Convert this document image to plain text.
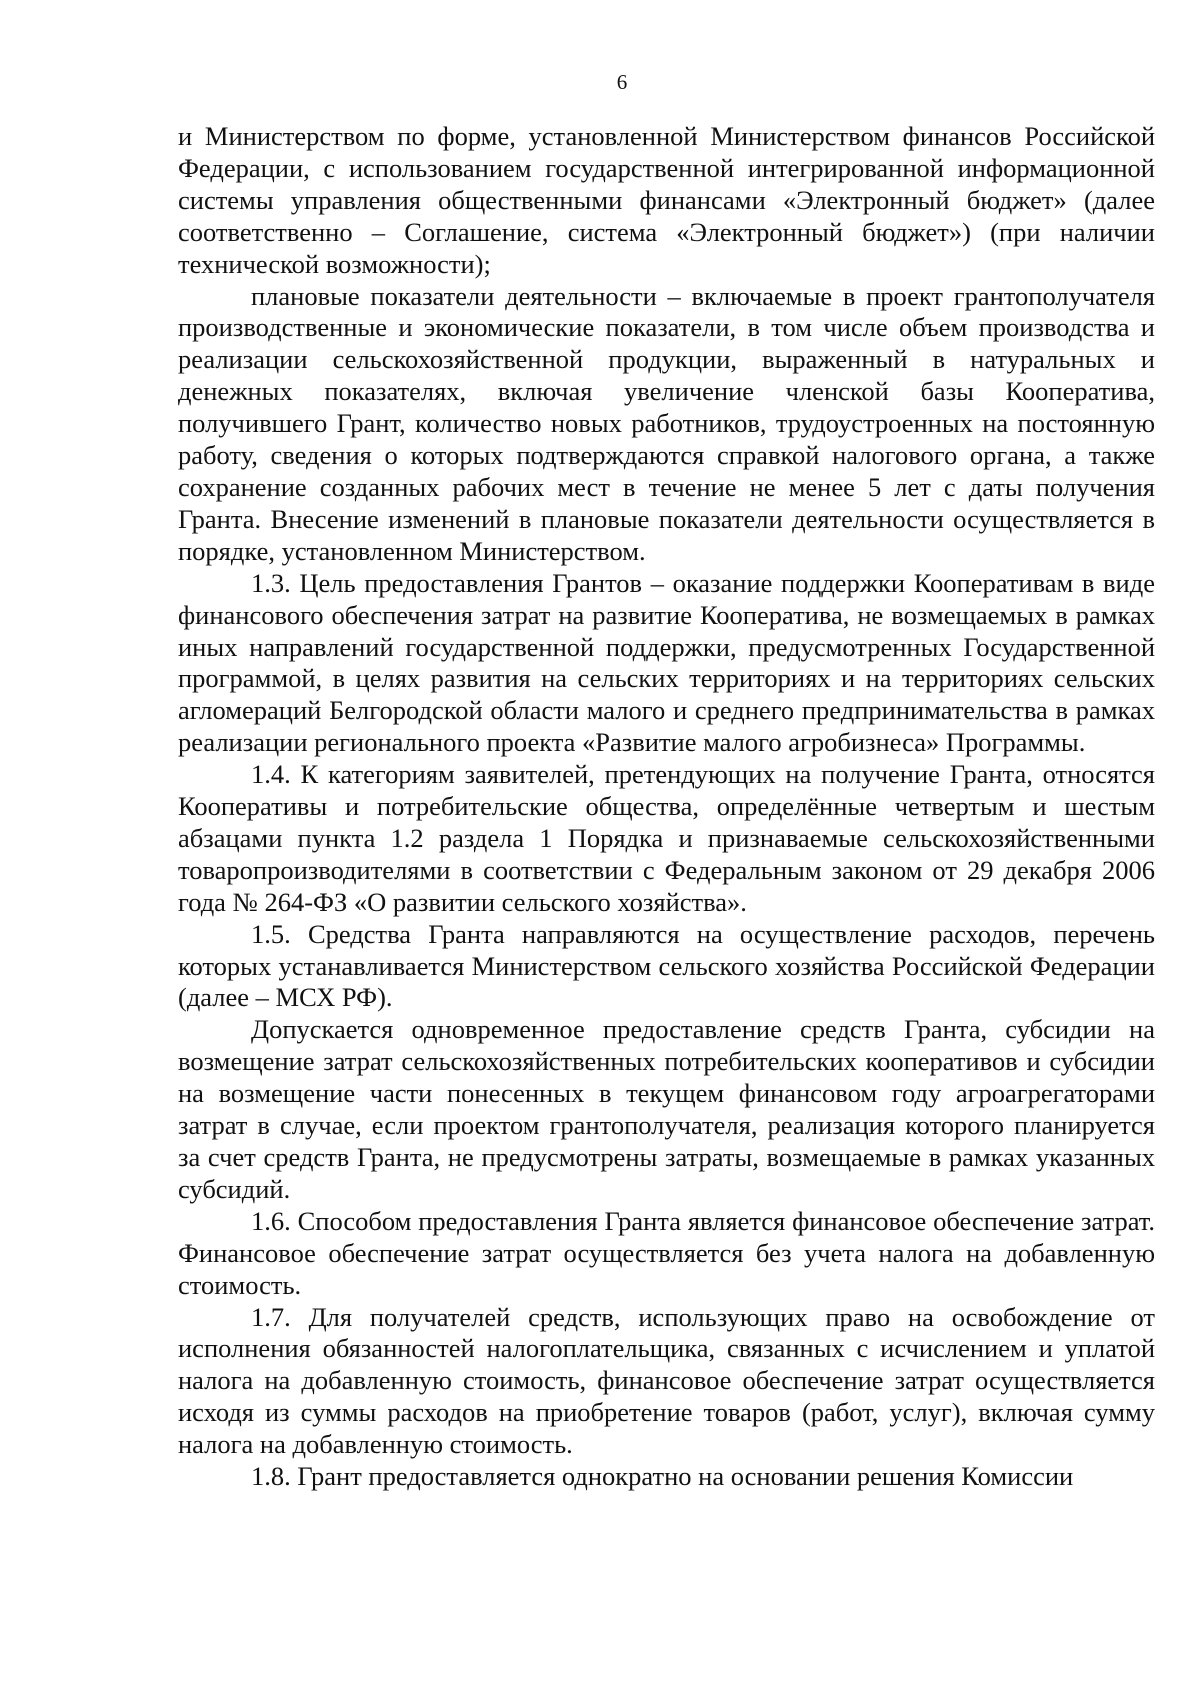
6

и Министерством по форме, установленной Министерством финансов Российской Федерации, с использованием государственной интегрированной информационной системы управления общественными финансами «Электронный бюджет» (далее соответственно – Соглашение, система «Электронный бюджет») (при наличии технической возможности);

плановые показатели деятельности – включаемые в проект грантополучателя производственные и экономические показатели, в том числе объем производства и реализации сельскохозяйственной продукции, выраженный в натуральных и денежных показателях, включая увеличение членской базы Кооператива, получившего Грант, количество новых работников, трудоустроенных на постоянную работу, сведения о которых подтверждаются справкой налогового органа, а также сохранение созданных рабочих мест в течение не менее 5 лет с даты получения Гранта. Внесение изменений в плановые показатели деятельности осуществляется в порядке, установленном Министерством.

1.3. Цель предоставления Грантов – оказание поддержки Кооперативам в виде финансового обеспечения затрат на развитие Кооператива, не возмещаемых в рамках иных направлений государственной поддержки, предусмотренных Государственной программой, в целях развития на сельских территориях и на территориях сельских агломераций Белгородской области малого и среднего предпринимательства в рамках реализации регионального проекта «Развитие малого агробизнеса» Программы.

1.4. К категориям заявителей, претендующих на получение Гранта, относятся Кооперативы и потребительские общества, определённые четвертым и шестым абзацами пункта 1.2 раздела 1 Порядка и признаваемые сельскохозяйственными товаропроизводителями в соответствии с Федеральным законом от 29 декабря 2006 года № 264-ФЗ «О развитии сельского хозяйства».

1.5. Средства Гранта направляются на осуществление расходов, перечень которых устанавливается Министерством сельского хозяйства Российской Федерации (далее – МСХ РФ).

Допускается одновременное предоставление средств Гранта, субсидии на возмещение затрат сельскохозяйственных потребительских кооперативов и субсидии на возмещение части понесенных в текущем финансовом году агроагрегаторами затрат в случае, если проектом грантополучателя, реализация которого планируется за счет средств Гранта, не предусмотрены затраты, возмещаемые в рамках указанных субсидий.

1.6. Способом предоставления Гранта является финансовое обеспечение затрат. Финансовое обеспечение затрат осуществляется без учета налога на добавленную стоимость.

1.7. Для получателей средств, использующих право на освобождение от исполнения обязанностей налогоплательщика, связанных с исчислением и уплатой налога на добавленную стоимость, финансовое обеспечение затрат осуществляется исходя из суммы расходов на приобретение товаров (работ, услуг), включая сумму налога на добавленную стоимость.

1.8. Грант предоставляется однократно на основании решения Комиссии
